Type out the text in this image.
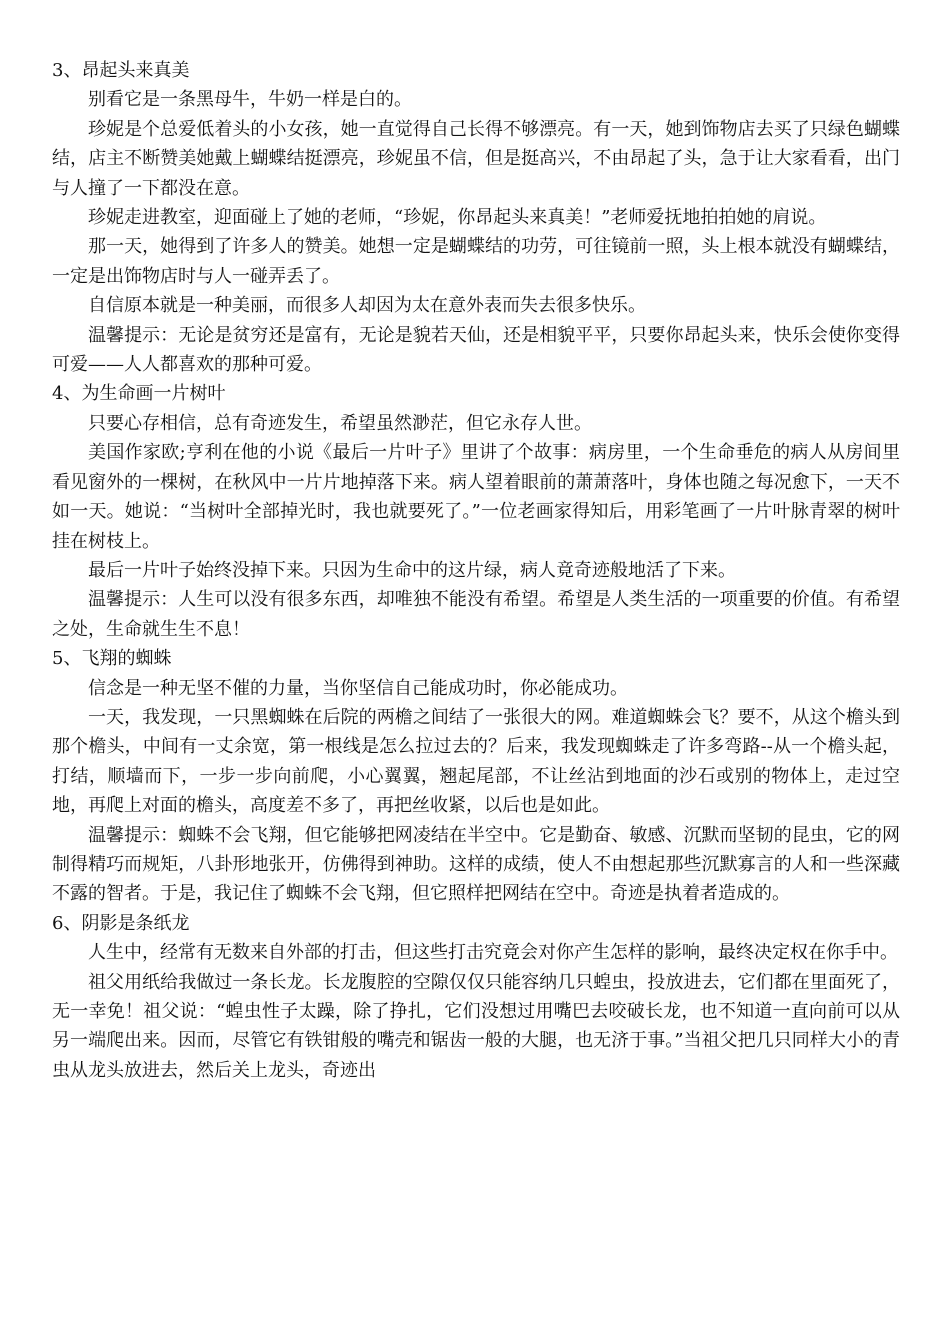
3、昂起头来真美

别看它是一条黑母牛，牛奶一样是白的。

珍妮是个总爱低着头的小女孩，她一直觉得自己长得不够漂亮。有一天，她到饰物店去买了只绿色蝴蝶结，店主不断赞美她戴上蝴蝶结挺漂亮，珍妮虽不信，但是挺高兴，不由昂起了头，急于让大家看看，出门与人撞了一下都没在意。

珍妮走进教室，迎面碰上了她的老师，“珍妮，你昂起头来真美！”老师爱抚地拍拍她的肩说。

那一天，她得到了许多人的赞美。她想一定是蝴蝶结的功劳，可往镜前一照，头上根本就没有蝴蝶结， 一定是出饰物店时与人一碰弄丢了。

自信原本就是一种美丽，而很多人却因为太在意外表而失去很多快乐。

温馨提示：无论是贫穷还是富有，无论是貌若天仙，还是相貌平平，只要你昂起头来，快乐会使你变得可爱——人人都喜欢的那种可爱。

4、为生命画一片树叶

只要心存相信，总有奇迹发生，希望虽然渺茫，但它永存人世。

美国作家欧;亨利在他的小说《最后一片叶子》里讲了个故事：病房里，一个生命垂危的病人从房间里看见窗外的一棵树，在秋风中一片片地掉落下来。病人望着眼前的萧萧落叶，身体也随之每况愈下，一天不如一天。她说：“当树叶全部掉光时，我也就要死了。”一位老画家得知后，用彩笔画了一片叶脉青翠的树叶挂在树枝上。

最后一片叶子始终没掉下来。只因为生命中的这片绿，病人竟奇迹般地活了下来。

温馨提示：人生可以没有很多东西，却唯独不能没有希望。希望是人类生活的一项重要的价值。有希望之处，生命就生生不息！

5、飞翔的蜘蛛

信念是一种无坚不催的力量，当你坚信自己能成功时，你必能成功。

一天，我发现，一只黑蜘蛛在后院的两檐之间结了一张很大的网。难道蜘蛛会飞？要不，从这个檐头到那个檐头，中间有一丈余宽，第一根线是怎么拉过去的？后来，我发现蜘蛛走了许多弯路--从一个檐头起，打结，顺墙而下，一步一步向前爬，小心翼翼，翘起尾部，不让丝沾到地面的沙石或别的物体上，走过空地，再爬上对面的檐头，高度差不多了，再把丝收紧，以后也是如此。

温馨提示：蜘蛛不会飞翔，但它能够把网凌结在半空中。它是勤奋、敏感、沉默而坚韧的昆虫，它的网制得精巧而规矩，八卦形地张开，仿佛得到神助。这样的成绩，使人不由想起那些沉默寡言的人和一些深藏不露的智者。于是，我记住了蜘蛛不会飞翔，但它照样把网结在空中。奇迹是执着者造成的。

6、阴影是条纸龙

人生中，经常有无数来自外部的打击，但这些打击究竟会对你产生怎样的影响，最终决定权在你手中。

祖父用纸给我做过一条长龙。长龙腹腔的空隙仅仅只能容纳几只蝗虫，投放进去，它们都在里面死了，无一幸免！祖父说：“蝗虫性子太躁，除了挣扎，它们没想过用嘴巴去咬破长龙，也不知道一直向前可以从另一端爬出来。因而，尽管它有铁钳般的嘴壳和锯齿一般的大腿，也无济于事。”当祖父把几只同样大小的青虫从龙头放进去，然后关上龙头，奇迹出
